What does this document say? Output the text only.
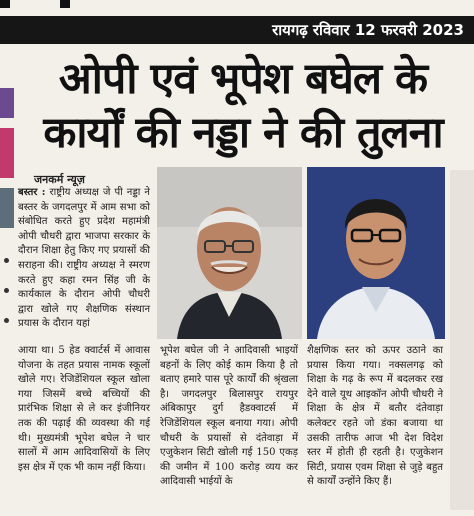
रायगढ़ रविवार 12 फरवरी 2023
ओपी एवं भूपेश बघेल के
कार्यों की नड्डा ने की तुलना
जनकर्म न्यूज़
बस्तर : राष्ट्रीय अध्यक्ष जे पी नड्डा ने बस्तर के जगदलपुर में आम सभा को संबोधित करते हुए प्रदेश महामंत्री ओपी चौधरी द्वारा भाजपा सरकार के दौरान शिक्षा हेतु किए गए प्रयासों की सराहना की। राष्ट्रीय अध्यक्ष ने स्मरण करते हुए कहा रमन सिंह जी के कार्यकाल के दौरान ओपी चौधरी द्वारा खोले गए शैक्षणिक संस्थान प्रयास के दौरान यहां
आया था। 5 हेड क्वार्टर्स में आवास योजना के तहत प्रयास नामक स्कूलों खोले गए। रेजिडेंशियल स्कूल खोला गया जिसमें बच्चे बच्चियों की प्रारंभिक शिक्षा से ले कर इंजीनियर तक की पढ़ाई की व्यवस्था की गई थी। मुख्यमंत्री भूपेश बघेल ने चार सालों में आम आदिवासियों के लिए इस क्षेत्र में एक भी काम नहीं किया।
भूपेश बघेल जी ने आदिवासी भाइयों बहनों के लिए कोई काम किया है तो बताए हमारे पास पूरे कार्यों की श्रृंखला है। जगदलपुर बिलासपुर रायपुर अंबिकापुर दुर्ग हैडक्वाटर्स में रेजिडेंशियल स्कूल बनाया गया। ओपी चौधरी के प्रयासों से दंतेवाड़ा में एजुकेशन सिटी खोली गई 150 एकड़ की जमीन में 100 करोड़ व्यय कर आदिवासी भाईयों के
शैक्षणिक स्तर को ऊपर उठाने का प्रयास किया गया। नक्सलगढ़ को शिक्षा के गढ़ के रूप में बदलकर रख देने वाले यूथ आइकॉन ओपी चौधरी ने शिक्षा के क्षेत्र में बतौर दंतेवाड़ा कलेक्टर रहते जो डंका बजाया था उसकी तारीफ आज भी देश विदेश स्तर में होती ही रहती है। एजुकेशन सिटी, प्रयास एवम शिक्षा से जुड़े बहुत से कार्यों उन्होंने किए हैं।
